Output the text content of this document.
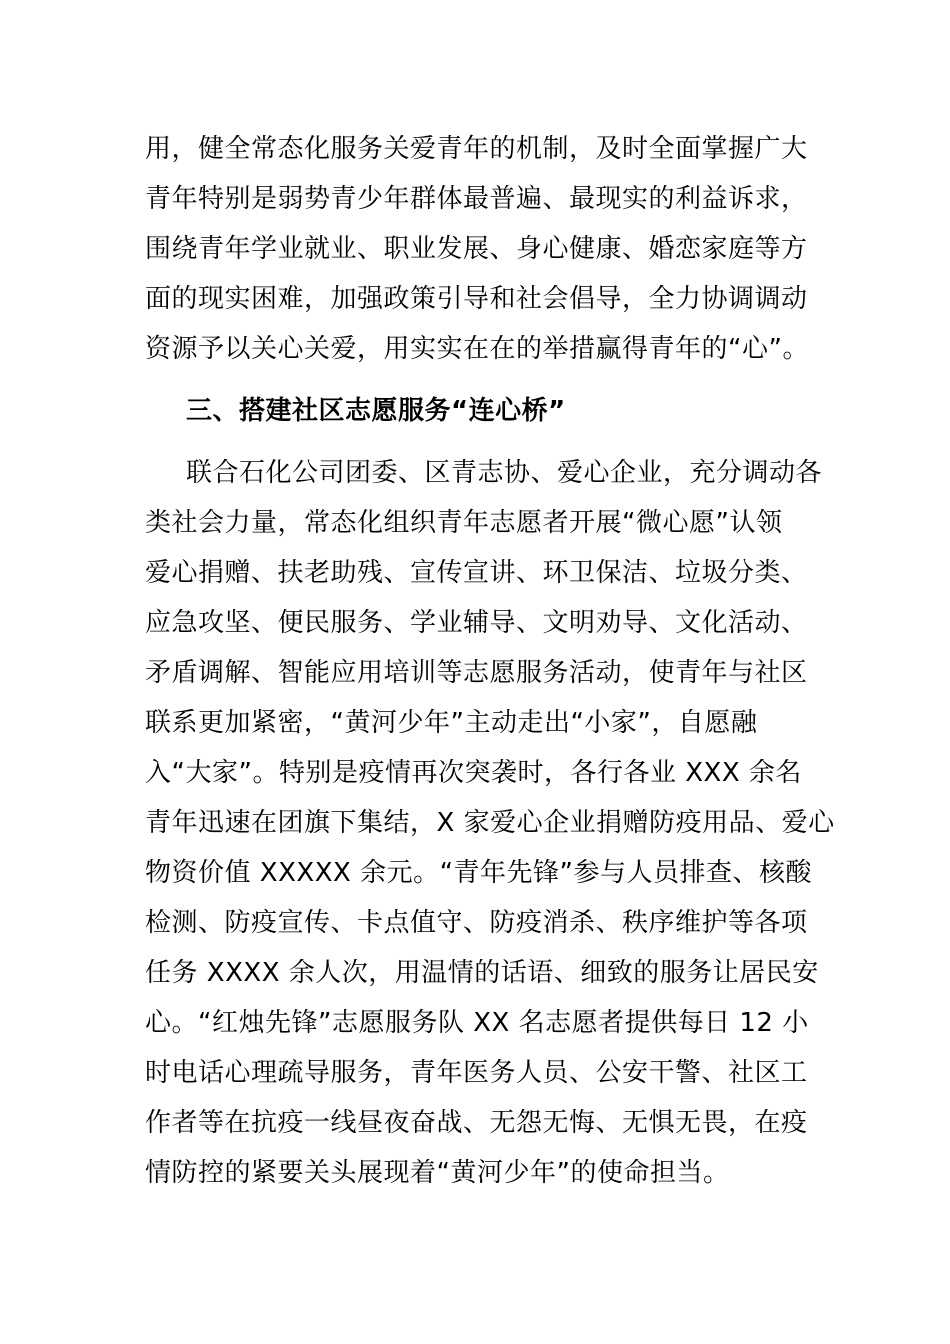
用，健全常态化服务关爱青年的机制，及时全面掌握广大
青年特别是弱势青少年群体最普遍、最现实的利益诉求，
围绕青年学业就业、职业发展、身心健康、婚恋家庭等方
面的现实困难，加强政策引导和社会倡导，全力协调调动
资源予以关心关爱，用实实在在的举措赢得青年的“心”。
三、搭建社区志愿服务“连心桥”
联合石化公司团委、区青志协、爱心企业，充分调动各
类社会力量，常态化组织青年志愿者开展“微心愿”认领
爱心捐赠、扶老助残、宣传宣讲、环卫保洁、垃圾分类、
应急攻坚、便民服务、学业辅导、文明劝导、文化活动、
矛盾调解、智能应用培训等志愿服务活动，使青年与社区
联系更加紧密，“黄河少年”主动走出“小家”，自愿融
入“大家”。特别是疫情再次突袭时，各行各业 XXX 余名
青年迅速在团旗下集结，X 家爱心企业捐赠防疫用品、爱心
物资价值 XXXXX 余元。“青年先锋”参与人员排查、核酸
检测、防疫宣传、卡点值守、防疫消杀、秩序维护等各项
任务 XXXX 余人次，用温情的话语、细致的服务让居民安
心。“红烛先锋”志愿服务队 XX 名志愿者提供每日 12 小
时电话心理疏导服务，青年医务人员、公安干警、社区工
作者等在抗疫一线昼夜奋战、无怨无悔、无惧无畏，在疫
情防控的紧要关头展现着“黄河少年”的使命担当。
